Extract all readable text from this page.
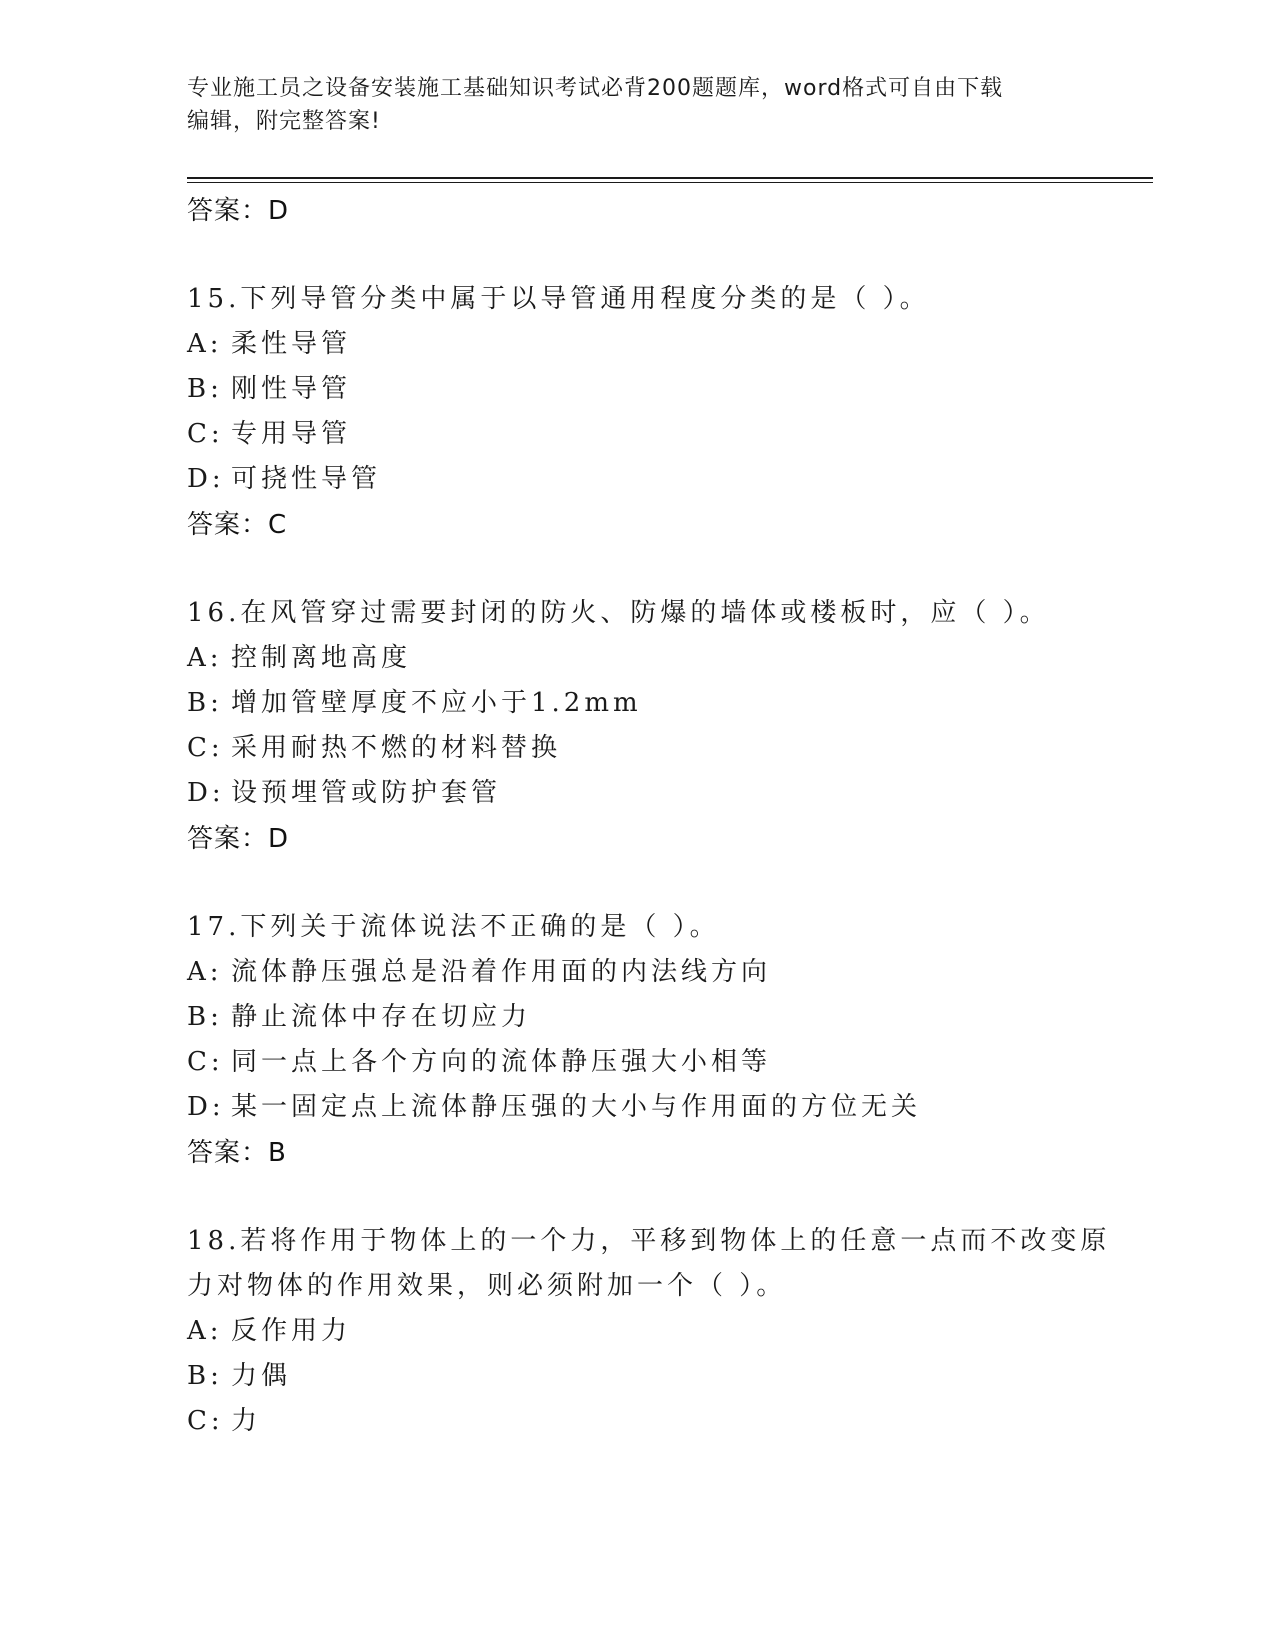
专业施工员之设备安装施工基础知识考试必背200题题库，word格式可自由下载
编辑，附完整答案!
答案：D
15.下列导管分类中属于以导管通用程度分类的是（ ）。
A: 柔性导管
B: 刚性导管
C: 专用导管
D: 可挠性导管
答案：C
16.在风管穿过需要封闭的防火、防爆的墙体或楼板时，应（ ）。
A: 控制离地高度
B: 增加管壁厚度不应小于1.2mm
C: 采用耐热不燃的材料替换
D: 设预埋管或防护套管
答案：D
17.下列关于流体说法不正确的是（ ）。
A: 流体静压强总是沿着作用面的内法线方向
B: 静止流体中存在切应力
C: 同一点上各个方向的流体静压强大小相等
D: 某一固定点上流体静压强的大小与作用面的方位无关
答案：B
18.若将作用于物体上的一个力，平移到物体上的任意一点而不改变原
力对物体的作用效果，则必须附加一个（ ）。
A: 反作用力
B: 力偶
C: 力
